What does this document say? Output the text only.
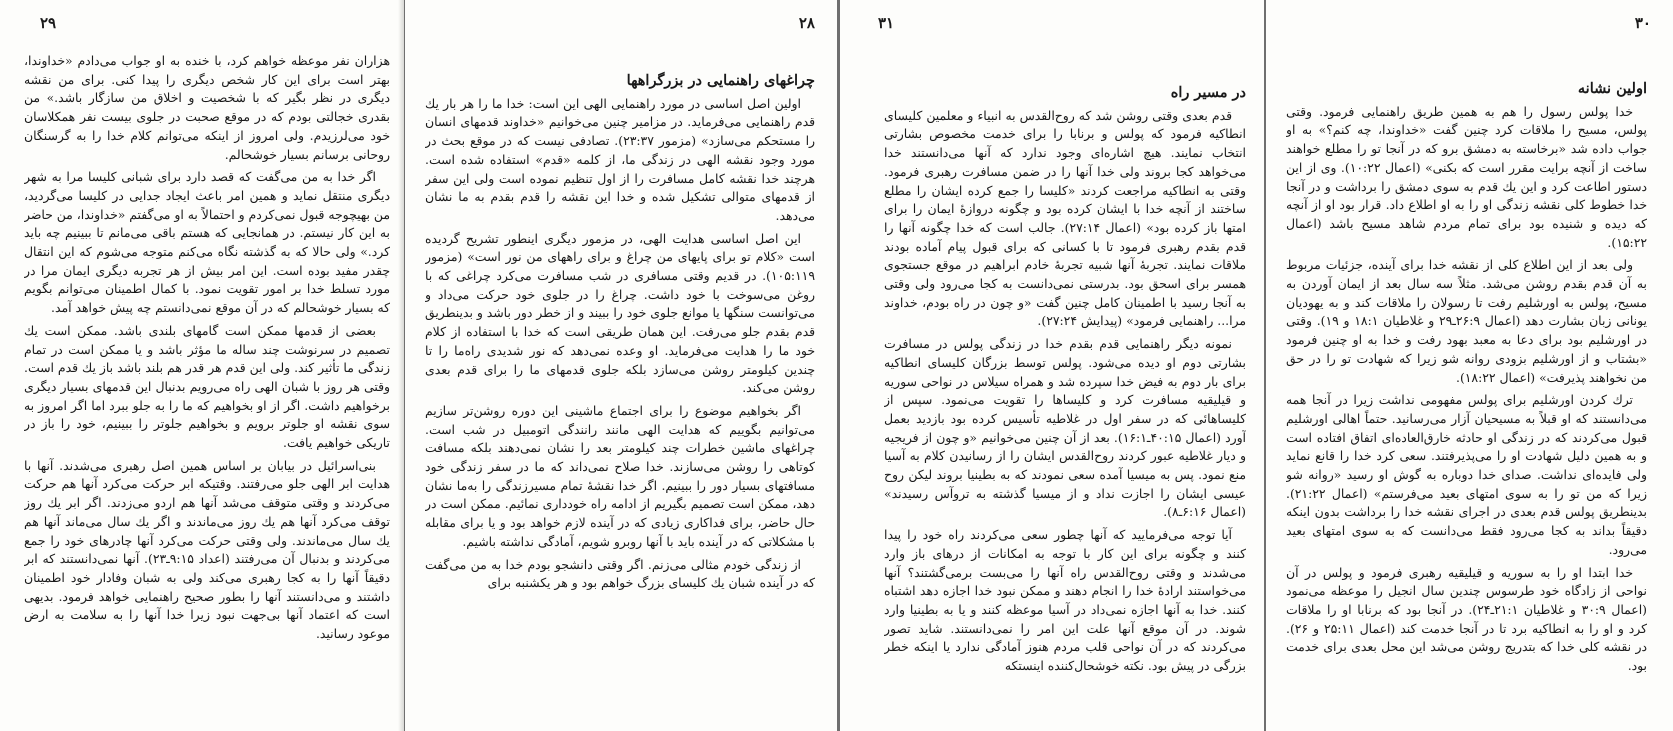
۲۹

هزاران نفر موعظه خواهم کرد، با خنده به او جواب می‌دادم «خداوندا، بهتر است برای این کار شخص دیگری را پیدا کنی. برای من نقشه دیگری در نظر بگیر که با شخصیت و اخلاق من سازگار باشد.» من بقدری خجالتی بودم که در موقع صحبت در جلوی بیست نفر همکلاسان خود می‌لرزیدم. ولی امروز از اینکه می‌توانم کلام خدا را به گرسنگان روحانی برسانم بسیار خوشحالم.

اگر خدا به من می‌گفت که قصد دارد برای شبانی کلیسا مرا به شهر دیگری منتقل نماید و همین امر باعث ایجاد جدایی در کلیسا می‌گردید، من بهیچوجه قبول نمی‌کردم و احتمالاً به او می‌گفتم «خداوندا، من حاضر به این کار نیستم. در همانجایی که هستم باقی می‌مانم تا ببینیم چه باید کرد.» ولی حالا که به گذشته نگاه می‌کنم متوجه می‌شوم که این انتقال چقدر مفید بوده است. این امر بیش از هر تجربه دیگری ایمان مرا در مورد تسلط خدا بر امور تقویت نمود. با کمال اطمینان می‌توانم بگویم که بسیار خوشحالم که در آن موقع نمی‌دانستم چه پیش خواهد آمد.

بعضی از قدمها ممکن است گامهای بلندی باشد. ممکن است یك تصمیم در سرنوشت چند ساله ما مؤثر باشد و یا ممکن است در تمام زندگی ما تأثیر کند. ولی این قدم هر قدر هم بلند باشد باز یك قدم است. وقتی هر روز با شبان الهی راه می‌رویم بدنبال این قدمهای بسیار دیگری برخواهیم داشت. اگر از او بخواهیم که ما را به جلو ببرد اما اگر امروز به سوی نقشه او جلوتر برویم و بخواهیم جلوتر را ببینیم، خود را باز در تاریکی خواهیم یافت.

بنی‌اسرائیل در بیابان بر اساس همین اصل رهبری می‌شدند. آنها با هدایت ابر الهی جلو می‌رفتند. وقتیکه ابر حرکت می‌کرد آنها هم حرکت می‌کردند و وقتی متوقف می‌شد آنها هم اردو می‌زدند. اگر ابر یك روز توقف می‌کرد آنها هم یك روز می‌ماندند و اگر یك سال می‌ماند آنها هم یك سال می‌ماندند. ولی وقتی حرکت می‌کرد آنها چادرهای خود را جمع می‌کردند و بدنبال آن می‌رفتند (اعداد ۹:۱۵ـ۲۳). آنها نمی‌دانستند که ابر دقیقاً آنها را به کجا رهبری می‌کند ولی به شبان وفادار خود اطمینان داشتند و می‌دانستند آنها را بطور صحیح راهنمایی خواهد فرمود. بدیهی است که اعتماد آنها بی‌جهت نبود زیرا خدا آنها را به سلامت به ارض موعود رسانید.

۲۸
چراغهای راهنمایی در بزرگراهها

اولین اصل اساسی در مورد راهنمایی الهی این است: خدا ما را هر بار یك قدم راهنمایی می‌فرماید. در مزامیر چنین می‌خوانیم «خداوند قدمهای انسان را مستحکم می‌سازد» (مزمور ۲۳:۳۷). تصادفی نیست که در موقع بحث در مورد وجود نقشه الهی در زندگی ما، از کلمه «قدم» استفاده شده است. هرچند خدا نقشه کامل مسافرت را از اول تنظیم نموده است ولی این سفر از قدمهای متوالی تشکیل شده و خدا این نقشه را قدم بقدم به ما نشان می‌دهد.

این اصل اساسی هدایت الهی، در مزمور دیگری اینطور تشریح گردیده است «کلام تو برای پایهای من چراغ و برای راههای من نور است» (مزمور ۱۰۵:۱۱۹). در قدیم وقتی مسافری در شب مسافرت می‌کرد چراغی که با روغن می‌سوخت با خود داشت. چراغ را در جلوی خود حرکت می‌داد و می‌توانست سنگها یا موانع جلوی خود را ببیند و از خطر دور باشد و بدینطریق قدم بقدم جلو می‌رفت. این همان طریقی است که خدا با استفاده از کلام خود ما را هدایت می‌فرماید. او وعده نمی‌دهد که نور شدیدی راه‌ما را تا چندین کیلومتر روشن می‌سازد بلکه جلوی قدمهای ما را برای قدم بعدی روشن می‌کند.

اگر بخواهیم موضوع را برای اجتماع ماشینی این دوره روشن‌تر سازیم می‌توانیم بگوییم که هدایت الهی مانند رانندگی اتومبیل در شب است. چراغهای ماشین خطرات چند کیلومتر بعد را نشان نمی‌دهند بلکه مسافت کوتاهی را روشن می‌سازند. خدا صلاح نمی‌داند که ما در سفر زندگی خود مسافتهای بسیار دور را ببینیم. اگر خدا نقشهٔ تمام مسیرزندگی را به‌ما نشان دهد، ممکن است تصمیم بگیریم از ادامه راه خودداری نمائیم. ممکن است در حال حاضر، برای فداکاری زیادی که در آینده لازم خواهد بود و یا برای مقابله با مشکلاتی که در آینده باید با آنها روبرو شویم، آمادگی نداشته باشیم.

از زندگی خودم مثالی می‌زنم. اگر وقتی دانشجو بودم خدا به من می‌گفت که در آینده شبان یك کلیسای بزرگ خواهم بود و هر یکشنبه برای

۳۱
در مسیر راه

قدم بعدی وقتی روشن شد که روح‌القدس به انبیاء و معلمین کلیسای انطاکیه فرمود که پولس و برنابا را برای خدمت مخصوص بشارتی انتخاب نمایند. هیچ اشاره‌ای وجود ندارد که آنها می‌دانستند خدا می‌خواهد کجا بروند ولی خدا آنها را در ضمن مسافرت رهبری فرمود. وقتی به انطاکیه مراجعت کردند «کلیسا را جمع کرده ایشان را مطلع ساختند از آنچه خدا با ایشان کرده بود و چگونه دروازهٔ ایمان را برای امتها باز کرده بود» (اعمال ۲۷:۱۴). جالب است که خدا چگونه آنها را قدم بقدم رهبری فرمود تا با کسانی که برای قبول پیام آماده بودند ملاقات نمایند. تجربهٔ آنها شبیه تجربهٔ خادم ابراهیم در موقع جستجوی همسر برای اسحق بود. بدرستی نمی‌دانست به کجا می‌رود ولی وقتی به آنجا رسید با اطمینان کامل چنین گفت «و چون در راه بودم، خداوند مرا... راهنمایی فرمود» (پیدایش ۲۷:۲۴).

نمونه دیگر راهنمایی قدم بقدم خدا در زندگی پولس در مسافرت بشارتی دوم او دیده می‌شود. پولس توسط بزرگان کلیسای انطاکیه برای بار دوم به فیض خدا سپرده شد و همراه سیلاس در نواحی سوریه و قیلیقیه مسافرت کرد و کلیساها را تقویت می‌نمود. سپس از کلیساهائی که در سفر اول در غلاطیه تأسیس کرده بود بازدید بعمل آورد (اعمال ۴۰:۱۵ـ۱۶:۱). بعد از آن چنین می‌خوانیم «و چون از فریجیه و دیار غلاطیه عبور کردند روح‌القدس ایشان را از رسانیدن کلام به آسیا منع نمود. پس به میسیا آمده سعی نمودند که به بطینیا بروند لیکن روح عیسی ایشان را اجازت نداد و از میسیا گذشته به تروآس رسیدند» (اعمال ۶:۱۶ـ۸).

آیا توجه می‌فرمایید که آنها چطور سعی می‌کردند راه خود را پیدا کنند و چگونه برای این کار با توجه به امکانات از درهای باز وارد می‌شدند و وقتی روح‌القدس راه آنها را می‌بست برمی‌گشتند؟ آنها می‌خواستند ارادهٔ خدا را انجام دهند و ممکن نبود خدا اجازه دهد اشتباه کنند. خدا به آنها اجازه نمی‌داد در آسیا موعظه کنند و یا به بطینیا وارد شوند. در آن موقع آنها علت این امر را نمی‌دانستند. شاید تصور می‌کردند که در آن نواحی قلب مردم هنوز آمادگی ندارد یا اینکه خطر بزرگی در پیش بود. نکته خوشحال‌کننده اینستکه

۳۰
اولین نشانه

خدا پولس رسول را هم به همین طریق راهنمایی فرمود. وقتی پولس، مسیح را ملاقات کرد چنین گفت «خداوندا، چه کنم؟» به او جواب داده شد «برخاسته به دمشق برو که در آنجا تو را مطلع خواهند ساخت از آنچه برایت مقرر است که بکنی» (اعمال ۱۰:۲۲). وی از این دستور اطاعت کرد و این یك قدم به سوی دمشق را برداشت و در آنجا خدا خطوط کلی نقشه زندگی او را به او اطلاع داد. قرار بود او از آنچه که دیده و شنیده بود برای تمام مردم شاهد مسیح باشد (اعمال ۱۵:۲۲).

ولی بعد از این اطلاع کلی از نقشه خدا برای آینده، جزئیات مربوط به آن قدم بقدم روشن می‌شد. مثلاً سه سال بعد از ایمان آوردن به مسیح، پولس به اورشلیم رفت تا رسولان را ملاقات کند و به یهودیان یونانی زبان بشارت دهد (اعمال ۲۶:۹ـ۲۹ و غلاطیان ۱۸:۱ و ۱۹). وقتی در اورشلیم بود برای دعا به معبد بهود رفت و خدا به او چنین فرمود «بشتاب و از اورشلیم بزودی روانه شو زیرا که شهادت تو را در حق من نخواهند پذیرفت» (اعمال ۱۸:۲۲).

ترك کردن اورشلیم برای پولس مفهومی نداشت زیرا در آنجا همه می‌دانستند که او قبلاً به مسیحیان آزار می‌رسانید. حتماً اهالی اورشلیم قبول می‌کردند که در زندگی او حادثه خارق‌العاده‌ای اتفاق افتاده است و به همین دلیل شهادت او را می‌پذیرفتند. سعی کرد خدا را قانع نماید ولی فایده‌ای نداشت. صدای خدا دوباره به گوش او رسید «روانه شو زیرا که من تو را به سوی امتهای بعید می‌فرستم» (اعمال ۲۱:۲۲). بدینطریق پولس قدم بعدی در اجرای نقشه خدا را برداشت بدون اینکه دقیقاً بداند به کجا می‌رود فقط می‌دانست که به سوی امتهای بعید می‌رود.

خدا ابتدا او را به سوریه و قیلیقیه رهبری فرمود و پولس در آن نواحی از زادگاه خود طرسوس چندین سال انجیل را موعظه می‌نمود (اعمال ۳۰:۹ و غلاطیان ۲۱:۱ـ۲۴). در آنجا بود که برنابا او را ملاقات کرد و او را به انطاکیه برد تا در آنجا خدمت کند (اعمال ۲۵:۱۱ و ۲۶). در نقشه کلی خدا که بتدریج روشن می‌شد این محل بعدی برای خدمت بود.
